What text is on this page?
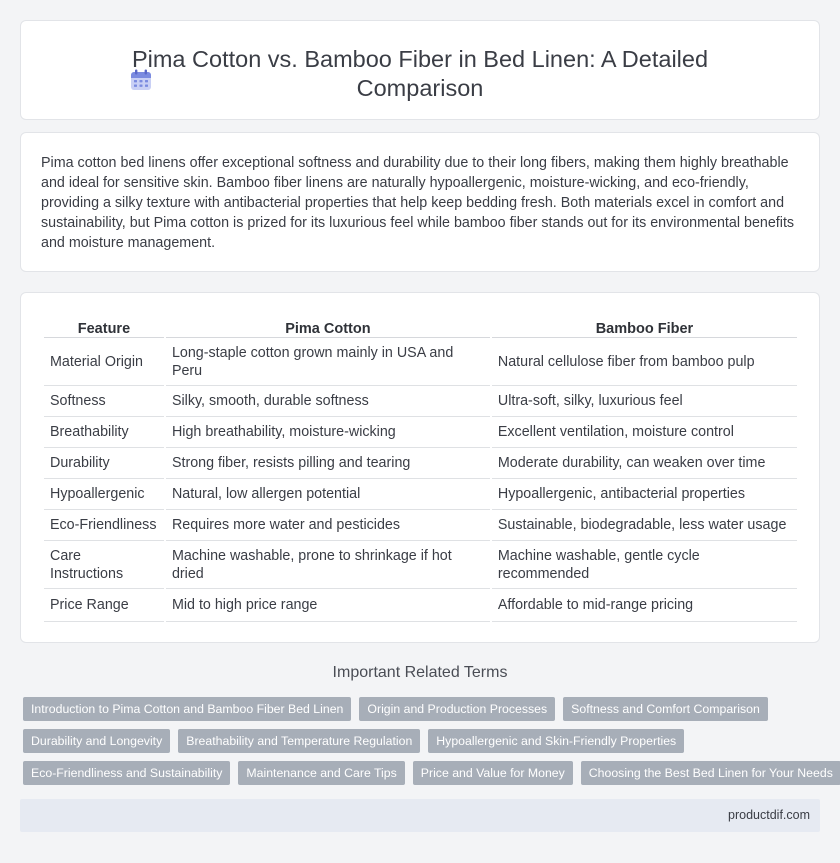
Pima Cotton vs. Bamboo Fiber in Bed Linen: A Detailed Comparison

Pima cotton bed linens offer exceptional softness and durability due to their long fibers, making them highly breathable and ideal for sensitive skin. Bamboo fiber linens are naturally hypoallergenic, moisture-wicking, and eco-friendly, providing a silky texture with antibacterial properties that help keep bedding fresh. Both materials excel in comfort and sustainability, but Pima cotton is prized for its luxurious feel while bamboo fiber stands out for its environmental benefits and moisture management.

Feature	Pima Cotton	Bamboo Fiber
Material Origin	Long-staple cotton grown mainly in USA and Peru	Natural cellulose fiber from bamboo pulp
Softness	Silky, smooth, durable softness	Ultra-soft, silky, luxurious feel
Breathability	High breathability, moisture-wicking	Excellent ventilation, moisture control
Durability	Strong fiber, resists pilling and tearing	Moderate durability, can weaken over time
Hypoallergenic	Natural, low allergen potential	Hypoallergenic, antibacterial properties
Eco-Friendliness	Requires more water and pesticides	Sustainable, biodegradable, less water usage
Care Instructions	Machine washable, prone to shrinkage if hot dried	Machine washable, gentle cycle recommended
Price Range	Mid to high price range	Affordable to mid-range pricing
Important Related Terms
Introduction to Pima Cotton and Bamboo Fiber Bed Linen	Origin and Production Processes	Softness and Comfort Comparison
Durability and Longevity	Breathability and Temperature Regulation	Hypoallergenic and Skin-Friendly Properties
Eco-Friendliness and Sustainability	Maintenance and Care Tips	Price and Value for Money	Choosing the Best Bed Linen for Your Needs
productdif.com
